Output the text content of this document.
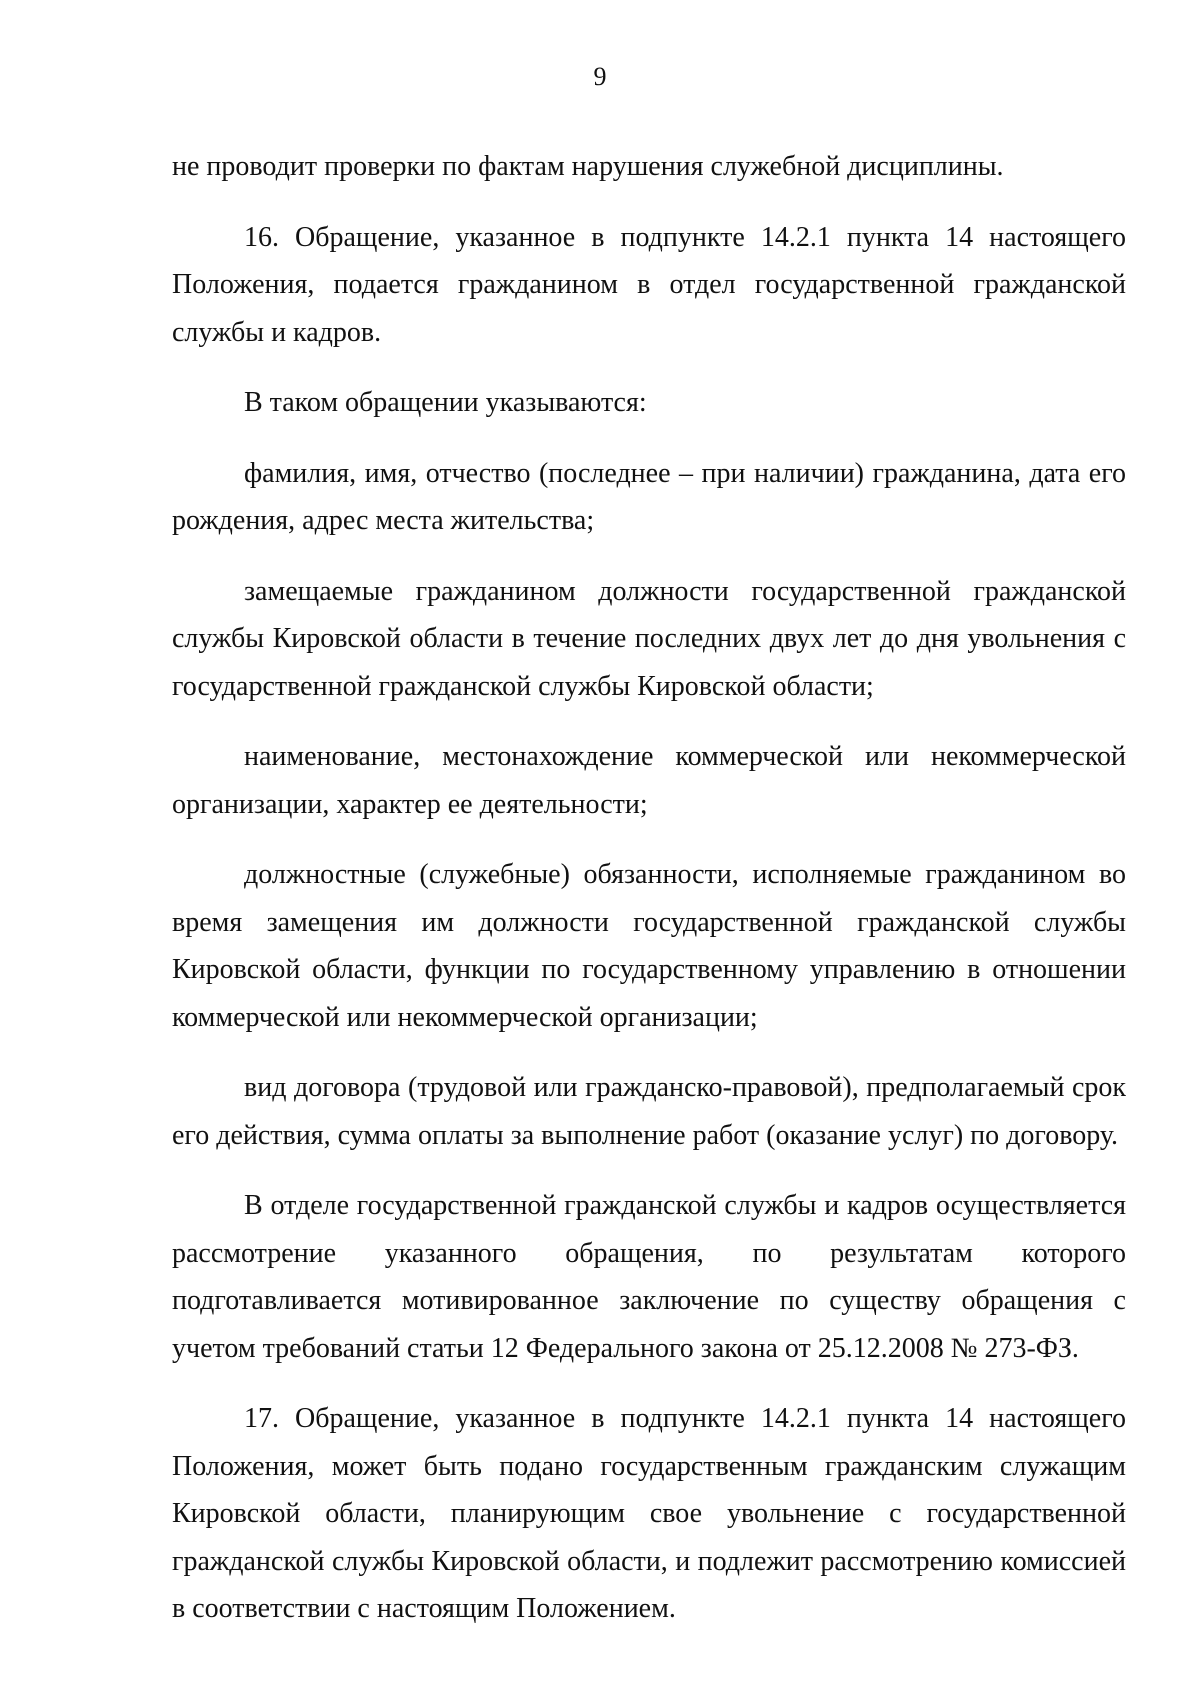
9

не проводит проверки по фактам нарушения служебной дисциплины.

16. Обращение, указанное в подпункте 14.2.1 пункта 14 настоящего Положения, подается гражданином в отдел государственной гражданской службы и кадров.

В таком обращении указываются:

фамилия, имя, отчество (последнее – при наличии) гражданина, дата его рождения, адрес места жительства;

замещаемые гражданином должности государственной гражданской службы Кировской области в течение последних двух лет до дня увольнения с государственной гражданской службы Кировской области;

наименование, местонахождение коммерческой или некоммерческой организации, характер ее деятельности;

должностные (служебные) обязанности, исполняемые гражданином во время замещения им должности государственной гражданской службы Кировской области, функции по государственному управлению в отношении коммерческой или некоммерческой организации;

вид договора (трудовой или гражданско-правовой), предполагаемый срок его действия, сумма оплаты за выполнение работ (оказание услуг) по договору.

В отделе государственной гражданской службы и кадров осуществляется рассмотрение указанного обращения, по результатам которого подготавливается мотивированное заключение по существу обращения с учетом требований статьи 12 Федерального закона от 25.12.2008 № 273-ФЗ.

17. Обращение, указанное в подпункте 14.2.1 пункта 14 настоящего Положения, может быть подано государственным гражданским служащим Кировской области, планирующим свое увольнение с государственной гражданской службы Кировской области, и подлежит рассмотрению комиссией в соответствии с настоящим Положением.
